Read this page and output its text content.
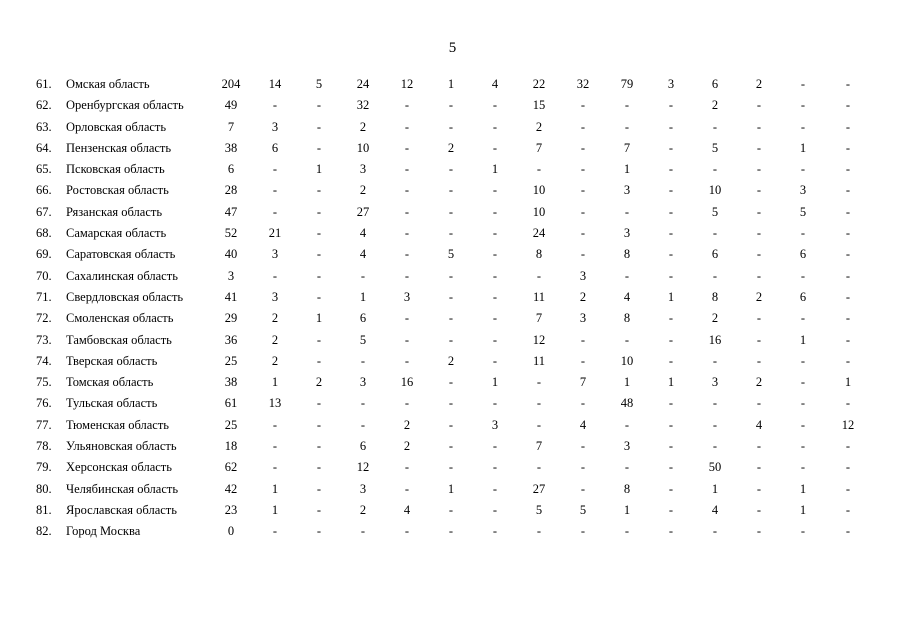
5
61.	Омская область	204	14	5	24	12	1	4	22	32	79	3	6	2	-	-
62.	Оренбургская область	49	-	-	32	-	-	-	15	-	-	-	2	-	-	-
63.	Орловская область	7	3	-	2	-	-	-	2	-	-	-	-	-	-	-
64.	Пензенская область	38	6	-	10	-	2	-	7	-	7	-	5	-	1	-
65.	Псковская область	6	-	1	3	-	-	1	-	-	1	-	-	-	-	-
66.	Ростовская область	28	-	-	2	-	-	-	10	-	3	-	10	-	3	-
67.	Рязанская область	47	-	-	27	-	-	-	10	-	-	-	5	-	5	-
68.	Самарская область	52	21	-	4	-	-	-	24	-	3	-	-	-	-	-
69.	Саратовская область	40	3	-	4	-	5	-	8	-	8	-	6	-	6	-
70.	Сахалинская область	3	-	-	-	-	-	-	-	3	-	-	-	-	-	-
71.	Свердловская область	41	3	-	1	3	-	-	11	2	4	1	8	2	6	-
72.	Смоленская область	29	2	1	6	-	-	-	7	3	8	-	2	-	-	-
73.	Тамбовская область	36	2	-	5	-	-	-	12	-	-	-	16	-	1	-
74.	Тверская область	25	2	-	-	-	2	-	11	-	10	-	-	-	-	-
75.	Томская область	38	1	2	3	16	-	1	-	7	1	1	3	2	-	1
76.	Тульская область	61	13	-	-	-	-	-	-	-	48	-	-	-	-	-
77.	Тюменская область	25	-	-	-	2	-	3	-	4	-	-	-	4	-	12
78.	Ульяновская область	18	-	-	6	2	-	-	7	-	3	-	-	-	-	-
79.	Херсонская область	62	-	-	12	-	-	-	-	-	-	-	50	-	-	-
80.	Челябинская область	42	1	-	3	-	1	-	27	-	8	-	1	-	1	-
81.	Ярославская область	23	1	-	2	4	-	-	5	5	1	-	4	-	1	-
82.	Город Москва	0	-	-	-	-	-	-	-	-	-	-	-	-	-	-
